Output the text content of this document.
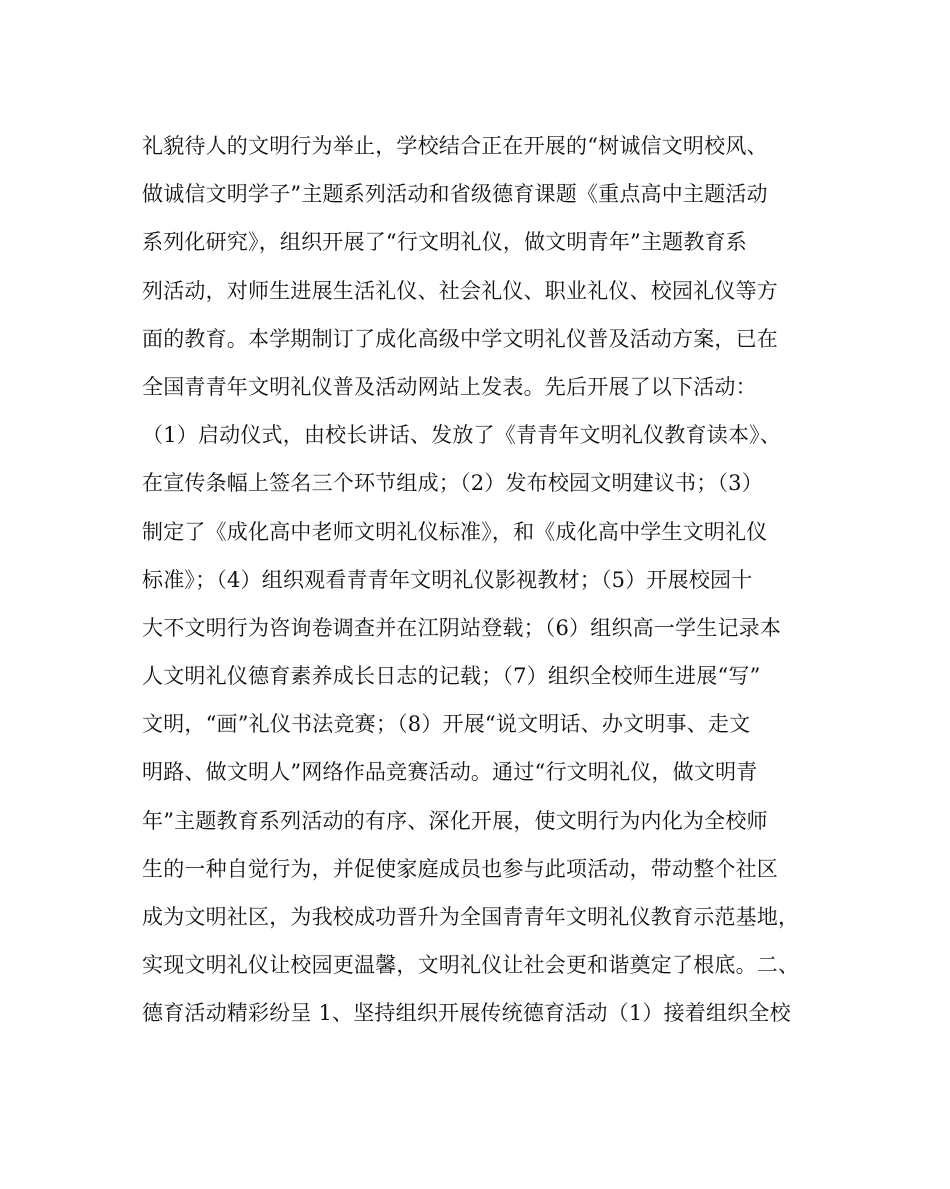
礼貌待人的文明行为举止，学校结合正在开展的“树诚信文明校风、
做诚信文明学子”主题系列活动和省级德育课题《重点高中主题活动
系列化研究》，组织开展了“行文明礼仪，做文明青年”主题教育系
列活动，对师生进展生活礼仪、社会礼仪、职业礼仪、校园礼仪等方
面的教育。本学期制订了成化高级中学文明礼仪普及活动方案，已在
全国青青年文明礼仪普及活动网站上发表。先后开展了以下活动：
（1）启动仪式，由校长讲话、发放了《青青年文明礼仪教育读本》、
在宣传条幅上签名三个环节组成；（2）发布校园文明建议书；（3）
制定了《成化高中老师文明礼仪标准》，和《成化高中学生文明礼仪
标准》；（4）组织观看青青年文明礼仪影视教材；（5）开展校园十
大不文明行为咨询卷调查并在江阴站登载；（6）组织高一学生记录本
人文明礼仪德育素养成长日志的记载；（7）组织全校师生进展“写”
文明，“画”礼仪书法竞赛；（8）开展“说文明话、办文明事、走文
明路、做文明人”网络作品竞赛活动。通过“行文明礼仪，做文明青
年”主题教育系列活动的有序、深化开展，使文明行为内化为全校师
生的一种自觉行为，并促使家庭成员也参与此项活动，带动整个社区
成为文明社区，为我校成功晋升为全国青青年文明礼仪教育示范基地，
实现文明礼仪让校园更温馨，文明礼仪让社会更和谐奠定了根底。二、
德育活动精彩纷呈 1、坚持组织开展传统德育活动（1）接着组织全校
